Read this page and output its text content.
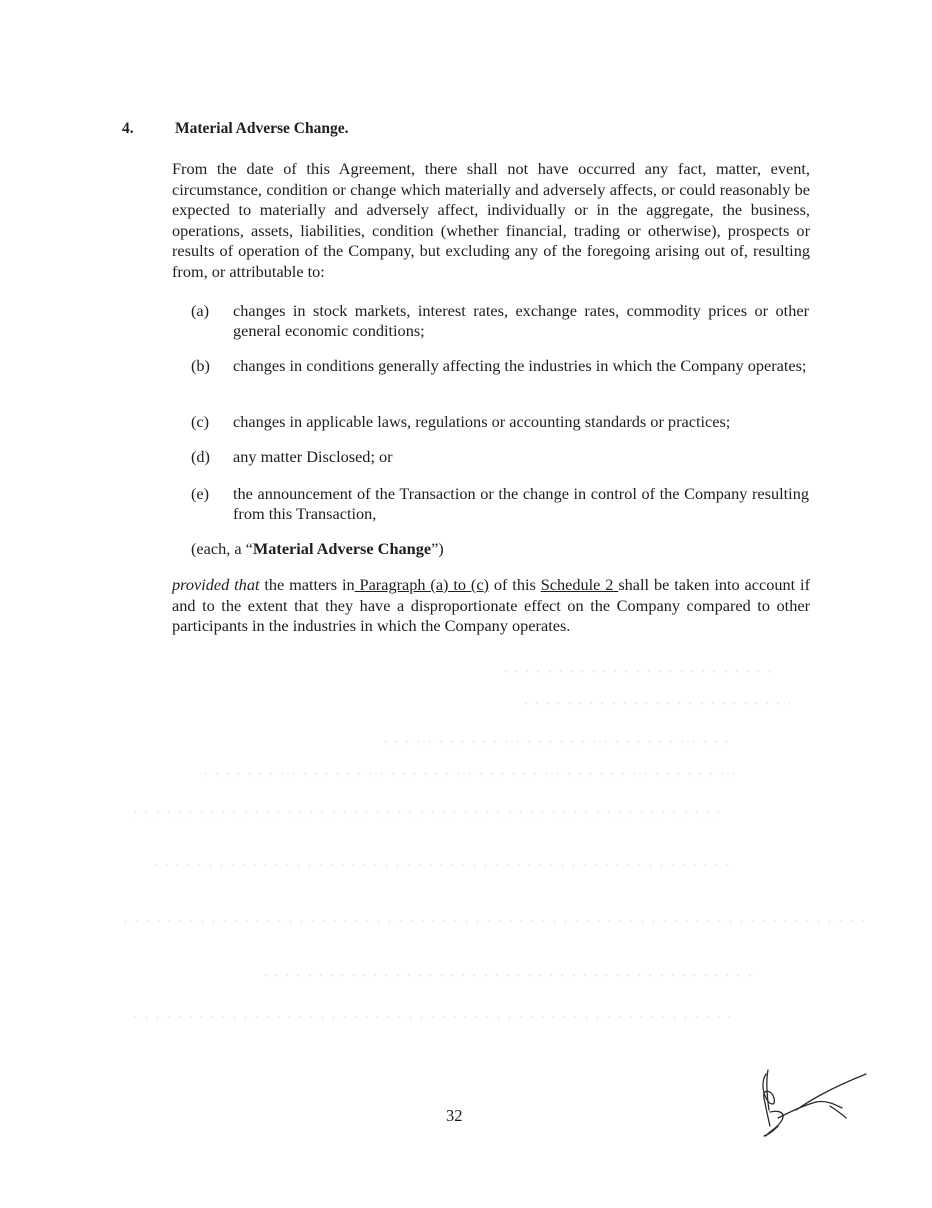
4.	Material Adverse Change.

From the date of this Agreement, there shall not have occurred any fact, matter, event, circumstance, condition or change which materially and adversely affects, or could reasonably be expected to materially and adversely affect, individually or in the aggregate, the business, operations, assets, liabilities, condition (whether financial, trading or otherwise), prospects or results of operation of the Company, but excluding any of the foregoing arising out of, resulting from, or attributable to:

(a)	changes in stock markets, interest rates, exchange rates, commodity prices or other general economic conditions;
(b)	changes in conditions generally affecting the industries in which the Company operates;
(c)	changes in applicable laws, regulations or accounting standards or practices;
(d)	any matter Disclosed; or
(e)	the announcement of the Transaction or the change in control of the Company resulting from this Transaction,
(each, a “Material Adverse Change”)

provided that the matters in Paragraph (a) to (c) of this Schedule 2 shall be taken into account if and to the extent that they have a disproportionate effect on the Company compared to other participants in the industries in which the Company operates.

32
